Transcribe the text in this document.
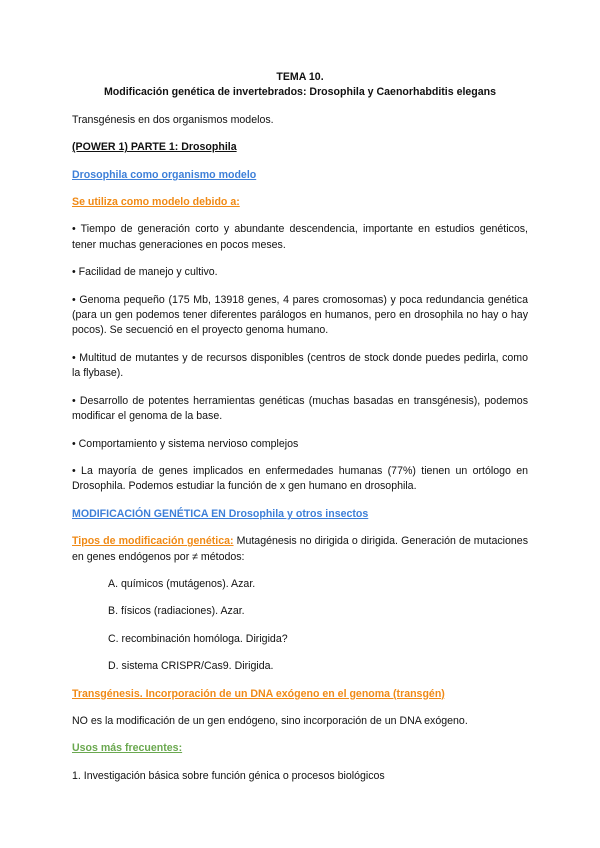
TEMA 10.
Modificación genética de invertebrados: Drosophila y Caenorhabditis elegans

Transgénesis en dos organismos modelos.

(POWER 1) PARTE 1: Drosophila

Drosophila como organismo modelo

Se utiliza como modelo debido a:

• Tiempo de generación corto y abundante descendencia, importante en estudios genéticos, tener muchas generaciones en pocos meses.

• Facilidad de manejo y cultivo.

• Genoma pequeño (175 Mb, 13918 genes, 4 pares cromosomas) y poca redundancia genética (para un gen podemos tener diferentes parálogos en humanos, pero en drosophila no hay o hay pocos). Se secuenció en el proyecto genoma humano.

• Multitud de mutantes y de recursos disponibles (centros de stock donde puedes pedirla, como la flybase).

• Desarrollo de potentes herramientas genéticas (muchas basadas en transgénesis), podemos modificar el genoma de la base.

• Comportamiento y sistema nervioso complejos

• La mayoría de genes implicados en enfermedades humanas (77%) tienen un ortólogo en Drosophila. Podemos estudiar la función de x gen humano en drosophila.

MODIFICACIÓN GENÉTICA EN Drosophila y otros insectos

Tipos de modificación genética: Mutagénesis no dirigida o dirigida. Generación de mutaciones en genes endógenos por ≠ métodos:

A. químicos (mutágenos). Azar.
B. físicos (radiaciones). Azar.
C. recombinación homóloga. Dirigida?
D. sistema CRISPR/Cas9. Dirigida.

Transgénesis. Incorporación de un DNA exógeno en el genoma (transgén)

NO es la modificación de un gen endógeno, sino incorporación de un DNA exógeno.

Usos más frecuentes:

1. Investigación básica sobre función génica o procesos biológicos
